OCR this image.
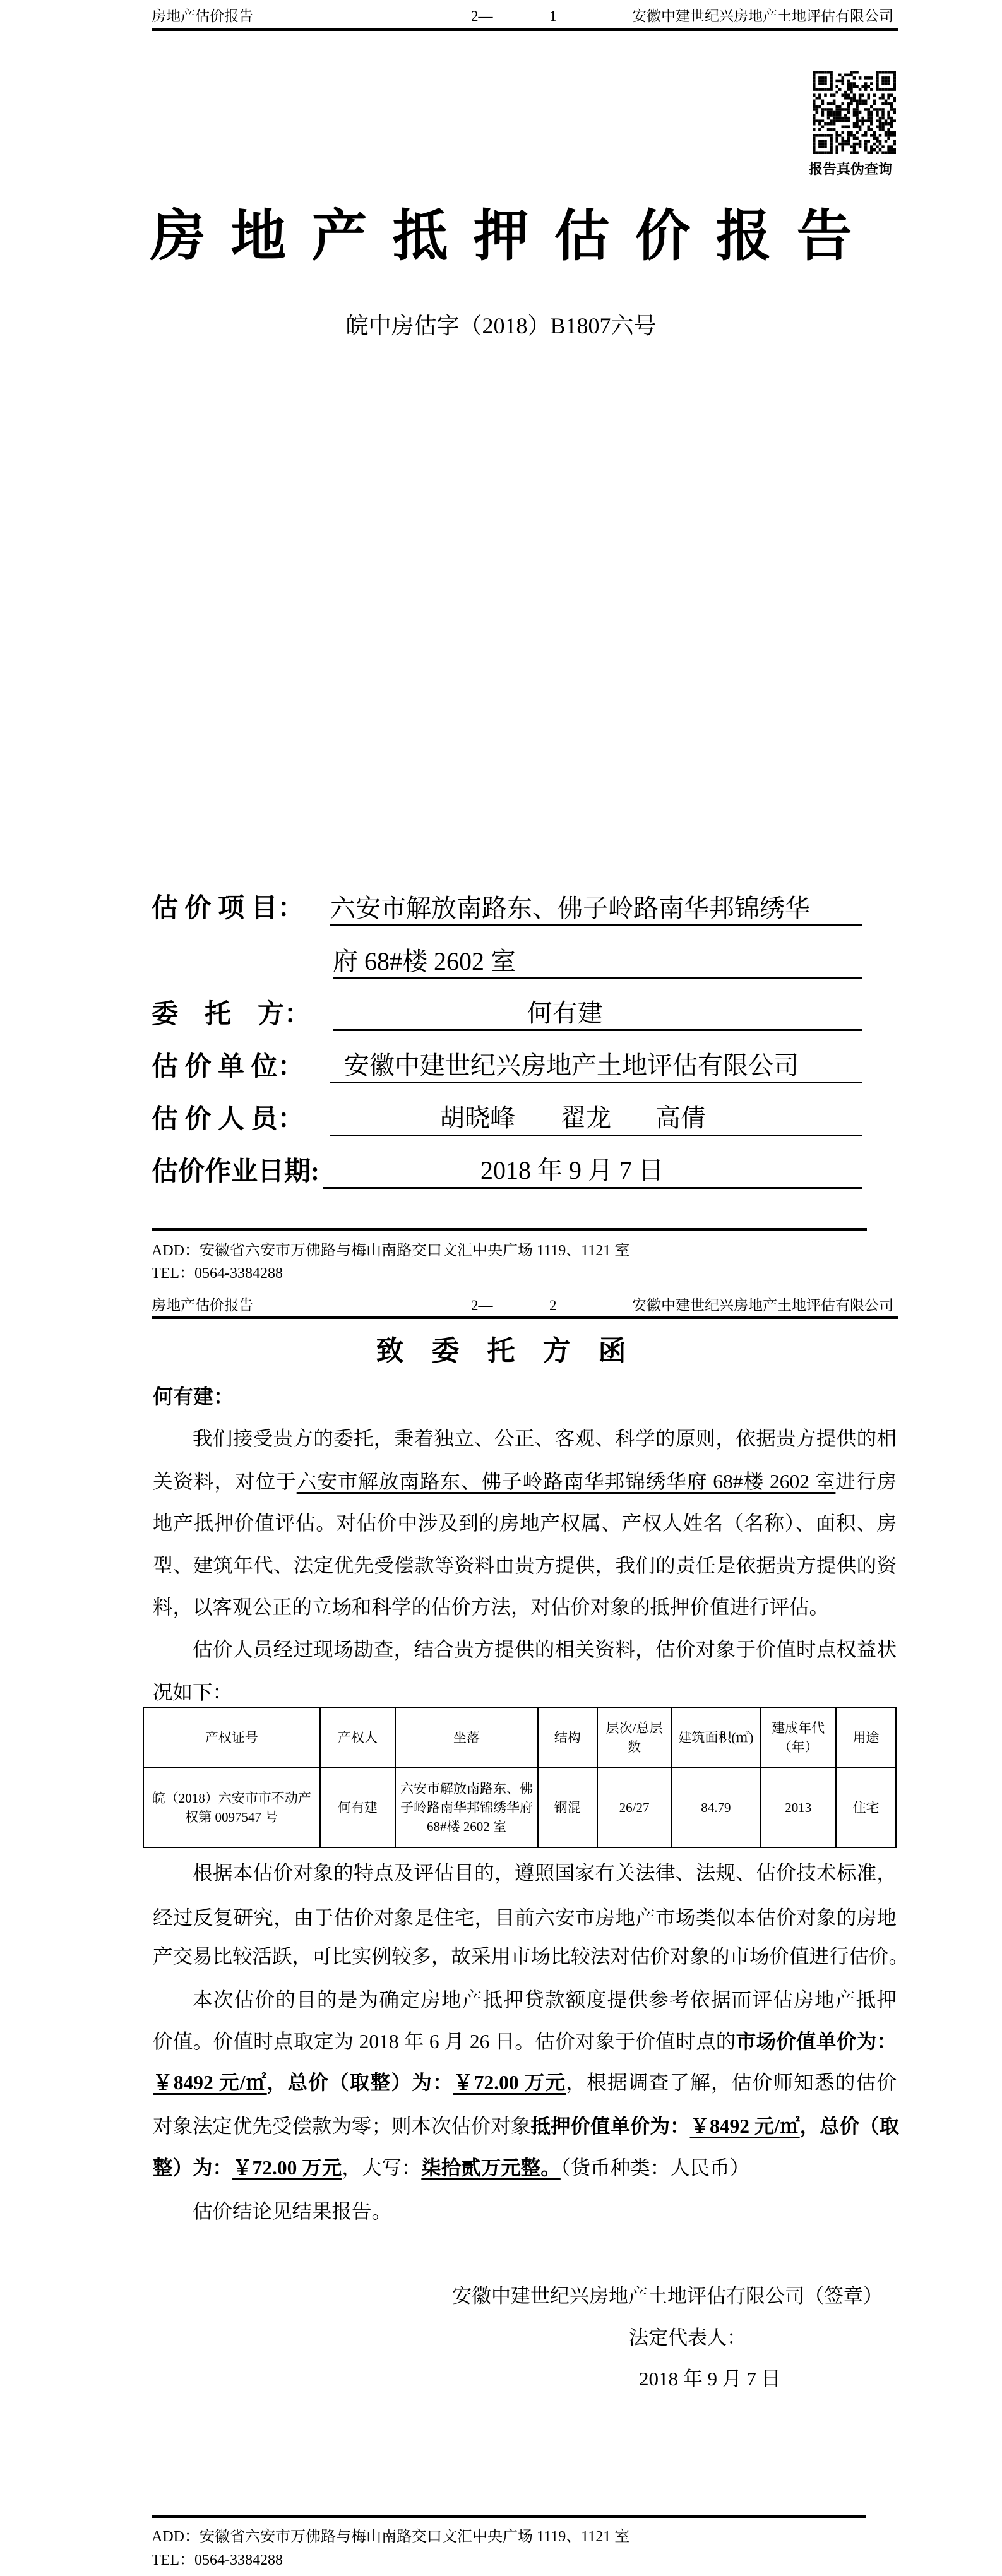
房地产估价报告	2—	1	安徽中建世纪兴房地产土地评估有限公司
报告真伪查询
房地产抵押估价报告
皖中房估字（2018）B1807六号
估 价 项 目： 六安市解放南路东、佛子岭路南华邦锦绣华
府 68#楼 2602 室
委　托　方：	何有建
估 价 单 位： 安徽中建世纪兴房地产土地评估有限公司
估 价 人 员：	胡晓峰 翟龙 高倩
估价作业日期:	2018 年 9 月 7 日
ADD：安徽省六安市万佛路与梅山南路交口文汇中央广场 1119、1121 室
TEL：0564-3384288
房地产估价报告	2—	2	安徽中建世纪兴房地产土地评估有限公司
致委托方函
何有建：
我们接受贵方的委托，秉着独立、公正、客观、科学的原则，依据贵方提供的相
关资料，对位于六安市解放南路东、佛子岭路南华邦锦绣华府 68#楼 2602 室进行房
地产抵押价值评估。对估价中涉及到的房地产权属、产权人姓名（名称）、面积、房
型、建筑年代、法定优先受偿款等资料由贵方提供，我们的责任是依据贵方提供的资
料，以客观公正的立场和科学的估价方法，对估价对象的抵押价值进行评估。
估价人员经过现场勘查，结合贵方提供的相关资料，估价对象于价值时点权益状
况如下：
产权证号	产权人	坐落	结构	层次/总层数	建筑面积(㎡)	建成年代（年）	用途
皖（2018）六安市市不动产权第 0097547 号	何有建	六安市解放南路东、佛子岭路南华邦锦绣华府 68#楼 2602 室	钢混	26/27	84.79	2013	住宅
根据本估价对象的特点及评估目的，遵照国家有关法律、法规、估价技术标准，
经过反复研究，由于估价对象是住宅，目前六安市房地产市场类似本估价对象的房地
产交易比较活跃，可比实例较多，故采用市场比较法对估价对象的市场价值进行估价。
本次估价的目的是为确定房地产抵押贷款额度提供参考依据而评估房地产抵押
价值。价值时点取定为 2018 年 6 月 26 日。估价对象于价值时点的市场价值单价为：
￥8492 元/㎡，总价（取整）为：￥72.00 万元，根据调查了解，估价师知悉的估价
对象法定优先受偿款为零；则本次估价对象抵押价值单价为：￥8492 元/㎡，总价（取
整）为：￥72.00 万元，大写：柒拾贰万元整。（货币种类：人民币）
估价结论见结果报告。
安徽中建世纪兴房地产土地评估有限公司（签章）
法定代表人：
2018 年 9 月 7 日
ADD：安徽省六安市万佛路与梅山南路交口文汇中央广场 1119、1121 室
TEL：0564-3384288
